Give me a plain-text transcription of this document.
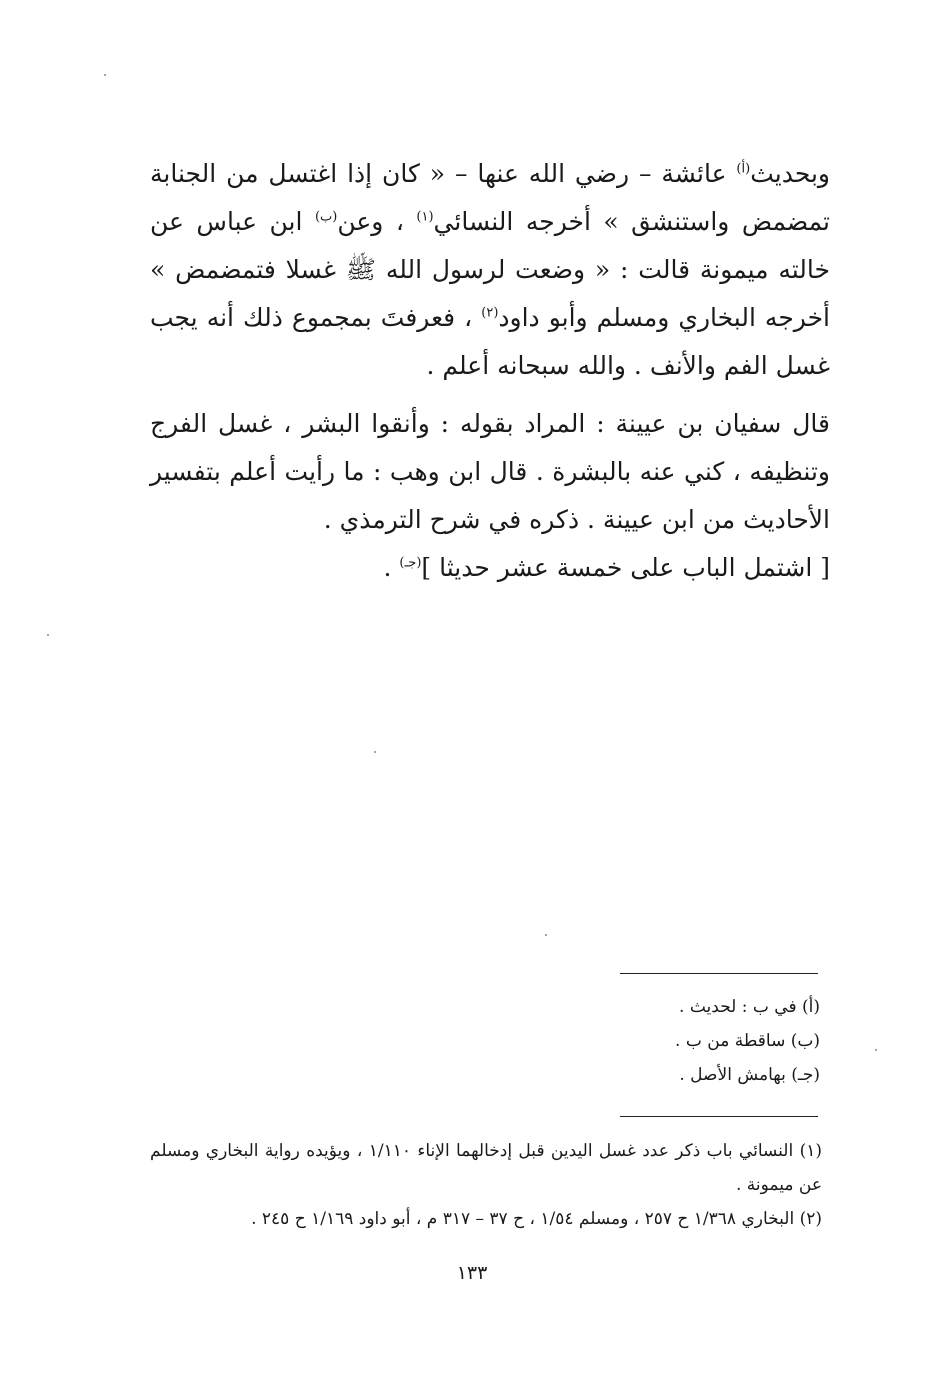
وبحديث$^{(أ)}$ عائشة – رضي الله عنها – « كان إذا اغتسل من الجنابة تمضمض واستنشق » أخرجه النسائي$^{(١)}$ ، وعن$^{(ب)}$ ابن عباس عن خالته ميمونة قالت : « وضعت لرسول الله ﷺ غسلا فتمضمض » أخرجه البخاري ومسلم وأبو داود$^{(٢)}$ ، فعرفتَ بمجموع ذلك أنه يجب غسل الفم والأنف . والله سبحانه أعلم .

قال سفيان بن عيينة : المراد بقوله : وأنقوا البشر ، غسل الفرج وتنظيفه ، كني عنه بالبشرة . قال ابن وهب : ما رأيت أعلم بتفسير الأحاديث من ابن عيينة . ذكره في شرح الترمذي .

[ اشتمل الباب على خمسة عشر حديثا ]$^{(جـ)}$ .

(أ) في ب : لحديث .
(ب) ساقطة من ب .
(جـ) بهامش الأصل .

(١) النسائي باب ذكر عدد غسل اليدين قبل إدخالهما الإناء ١/١١٠ ، ويؤيده رواية البخاري ومسلم عن ميمونة .

(٢) البخاري ١/٣٦٨ ح ٢٥٧ ، ومسلم ١/٥٤ ، ح ٣٧ – ٣١٧ م ، أبو داود ١/١٦٩ ح ٢٤٥ .

١٣٣
